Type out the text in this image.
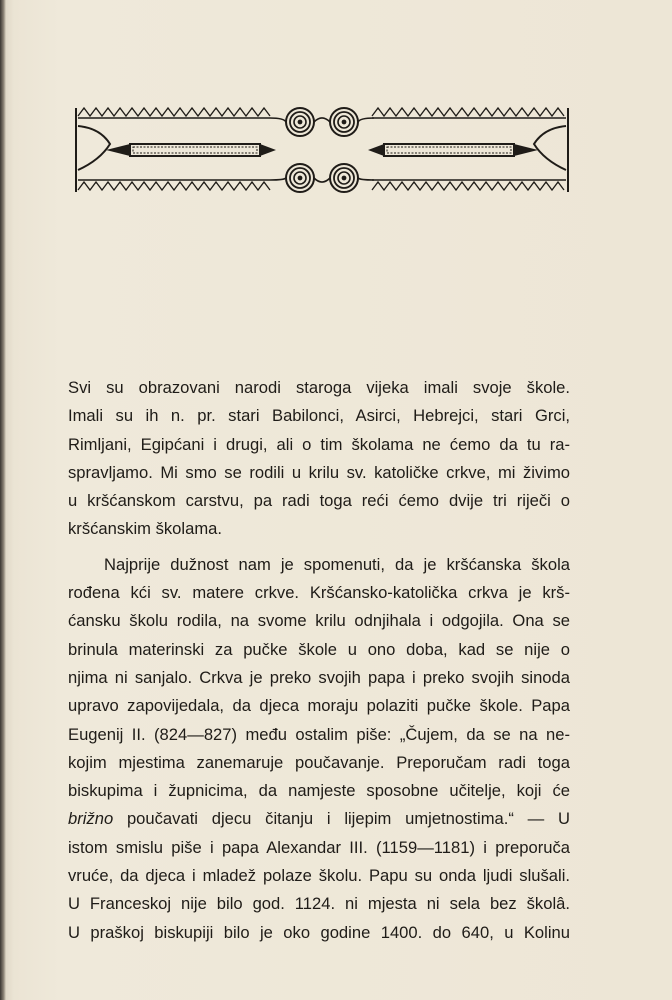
Svi su obrazovani narodi staroga vijeka imali svoje škole.
Imali su ih n. pr. stari Babilonci, Asirci, Hebrejci, stari Grci,
Rimljani, Egipćani i drugi, ali o tim školama ne ćemo da tu ra-
spravljamo. Mi smo se rodili u krilu sv. katoličke crkve, mi živimo
u kršćanskom carstvu, pa radi toga reći ćemo dvije tri riječi o
kršćanskim školama.

Najprije dužnost nam je spomenuti, da je kršćanska škola
rođena kći sv. matere crkve. Kršćansko-katolička crkva je krš-
ćansku školu rodila, na svome krilu odnjihala i odgojila. Ona se
brinula materinski za pučke škole u ono doba, kad se nije o
njima ni sanjalo. Crkva je preko svojih papa i preko svojih sinoda
upravo zapovijedala, da djeca moraju polaziti pučke škole. Papa
Eugenij II. (824—827) među ostalim piše: „Čujem, da se na ne-
kojim mjestima zanemaruje poučavanje. Preporučam radi toga
biskupima i župnicima, da namjeste sposobne učitelje, koji će
brižno poučavati djecu čitanju i lijepim umjetnostima.“ — U
istom smislu piše i papa Alexandar III. (1159—1181) i preporuča
vruće, da djeca i mladež polaze školu. Papu su onda ljudi slušali.
U Franceskoj nije bilo god. 1124. ni mjesta ni sela bez školâ.
U praškoj biskupiji bilo je oko godine 1400. do 640, u Kolinu
